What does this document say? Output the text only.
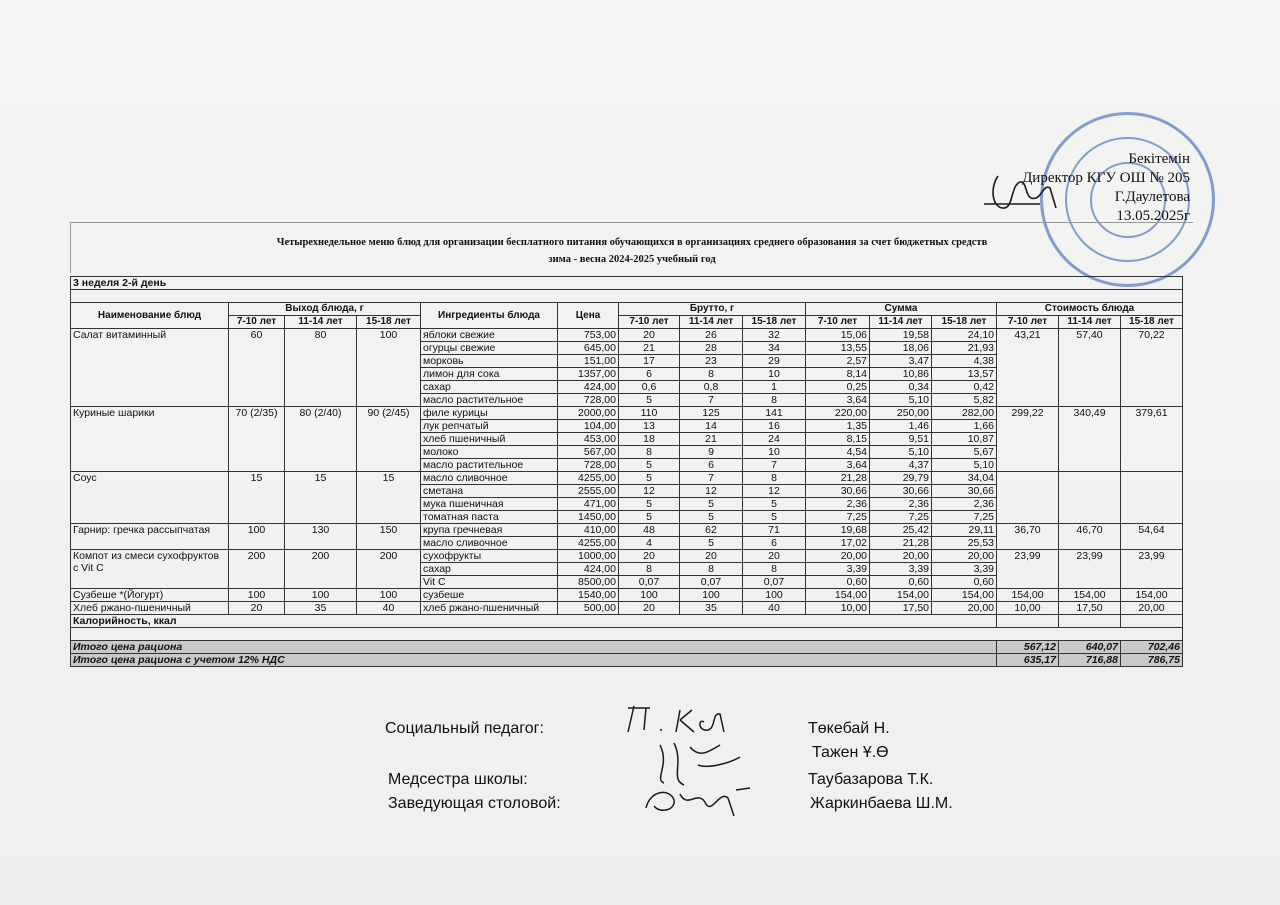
Бекітемін
Директор КГУ ОШ № 205
Г.Даулетова
13.05.2025г
Четырехнедельное меню блюд для организации бесплатного питания обучающихся в организациях среднего образования за счет бюджетных средств
зима - весна 2024-2025 учебный год
3 неделя 2-й день														

Наименование блюд	Выход блюда, г			Ингредиенты блюда	Цена	Брутто, г			Сумма			Стоимость блюда		
	7-10 лет	11-14 лет	15-18 лет			7-10 лет	11-14 лет	15-18 лет	7-10 лет	11-14 лет	15-18 лет	7-10 лет	11-14 лет	15-18 лет
Салат витаминный	60	80	100	яблоки свежие	753,00	20	26	32	15,06	19,58	24,10	43,21	57,40	70,22
				огурцы свежие	645,00	21	28	34	13,55	18,06	21,93			
				морковь	151,00	17	23	29	2,57	3,47	4,38			
				лимон для сока	1357,00	6	8	10	8,14	10,86	13,57			
				сахар	424,00	0,6	0,8	1	0,25	0,34	0,42			
				масло растительное	728,00	5	7	8	3,64	5,10	5,82			
Куриные шарики	70 (2/35)	80 (2/40)	90 (2/45)	филе курицы	2000,00	110	125	141	220,00	250,00	282,00	299,22	340,49	379,61
				лук репчатый	104,00	13	14	16	1,35	1,46	1,66			
				хлеб пшеничный	453,00	18	21	24	8,15	9,51	10,87			
				молоко	567,00	8	9	10	4,54	5,10	5,67			
				масло растительное	728,00	5	6	7	3,64	4,37	5,10			
Соус	15	15	15	масло сливочное	4255,00	5	7	8	21,28	29,79	34,04			
				сметана	2555,00	12	12	12	30,66	30,66	30,66			
				мука пшеничная	471,00	5	5	5	2,36	2,36	2,36			
				томатная паста	1450,00	5	5	5	7,25	7,25	7,25			
Гарнир: гречка рассыпчатая	100	130	150	крупа гречневая	410,00	48	62	71	19,68	25,42	29,11	36,70	46,70	54,64
				масло сливочное	4255,00	4	5	6	17,02	21,28	25,53			
Компот из смеси сухофруктов с Vit C	200	200	200	сухофрукты	1000,00	20	20	20	20,00	20,00	20,00	23,99	23,99	23,99
				сахар	424,00	8	8	8	3,39	3,39	3,39			
				Vit C	8500,00	0,07	0,07	0,07	0,60	0,60	0,60			
Сузбеше *(Йогурт)	100	100	100	сузбеше	1540,00	100	100	100	154,00	154,00	154,00	154,00	154,00	154,00
Хлеб ржано-пшеничный	20	35	40	хлеб ржано-пшеничный	500,00	20	35	40	10,00	17,50	20,00	10,00	17,50	20,00
Калорийность, ккал														

Итого цена рациона												567,12	640,07	702,46
Итого цена рациона с учетом 12% НДС												635,17	716,88	786,75
Социальный педагог:	Төкебай Н.
Тажен Ұ.Ө
Медсестра школы:	Таубазарова Т.К.
Заведующая столовой:	Жаркинбаева Ш.М.
